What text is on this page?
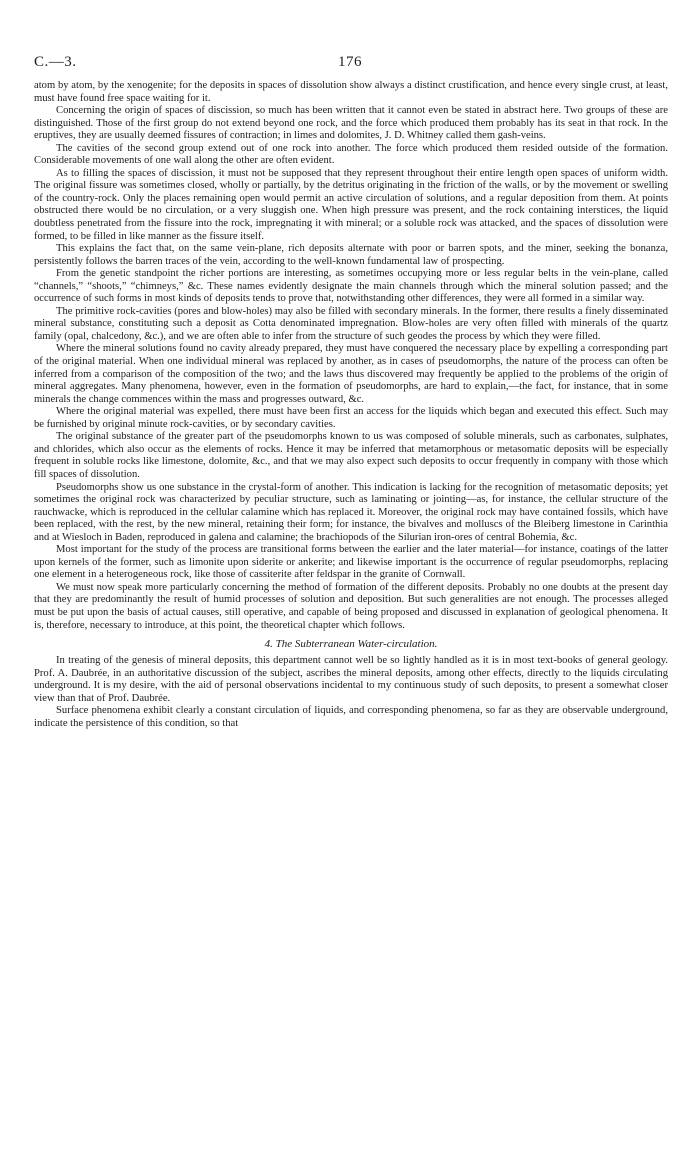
C.—3.	176

atom by atom, by the xenogenite; for the deposits in spaces of dissolution show always a distinct crustification, and hence every single crust, at least, must have found free space waiting for it.

Concerning the origin of spaces of discission, so much has been written that it cannot even be stated in abstract here. Two groups of these are distinguished. Those of the first group do not extend beyond one rock, and the force which produced them probably has its seat in that rock. In the eruptives, they are usually deemed fissures of contraction; in limes and dolomites, J. D. Whitney called them gash-veins.

The cavities of the second group extend out of one rock into another. The force which produced them resided outside of the formation. Considerable movements of one wall along the other are often evident.

As to filling the spaces of discission, it must not be supposed that they represent throughout their entire length open spaces of uniform width. The original fissure was sometimes closed, wholly or partially, by the detritus originating in the friction of the walls, or by the movement or swelling of the country-rock. Only the places remaining open would permit an active circulation of solutions, and a regular deposition from them. At points obstructed there would be no circulation, or a very sluggish one. When high pressure was present, and the rock containing interstices, the liquid doubtless penetrated from the fissure into the rock, impregnating it with mineral; or a soluble rock was attacked, and the spaces of dissolution were formed, to be filled in like manner as the fissure itself.

This explains the fact that, on the same vein-plane, rich deposits alternate with poor or barren spots, and the miner, seeking the bonanza, persistently follows the barren traces of the vein, according to the well-known fundamental law of prospecting.

From the genetic standpoint the richer portions are interesting, as sometimes occupying more or less regular belts in the vein-plane, called “channels,” “shoots,” “chimneys,” &c. These names evidently designate the main channels through which the mineral solution passed; and the occurrence of such forms in most kinds of deposits tends to prove that, notwithstanding other differences, they were all formed in a similar way.

The primitive rock-cavities (pores and blow-holes) may also be filled with secondary minerals. In the former, there results a finely disseminated mineral substance, constituting such a deposit as Cotta denominated impregnation. Blow-holes are very often filled with minerals of the quartz family (opal, chalcedony, &c.), and we are often able to infer from the structure of such geodes the process by which they were filled.

Where the mineral solutions found no cavity already prepared, they must have conquered the necessary place by expelling a corresponding part of the original material. When one individual mineral was replaced by another, as in cases of pseudomorphs, the nature of the process can often be inferred from a comparison of the composition of the two; and the laws thus discovered may frequently be applied to the problems of the origin of mineral aggregates. Many phenomena, however, even in the formation of pseudomorphs, are hard to explain,—the fact, for instance, that in some minerals the change commences within the mass and progresses outward, &c.

Where the original material was expelled, there must have been first an access for the liquids which began and executed this effect. Such may be furnished by original minute rock-cavities, or by secondary cavities.

The original substance of the greater part of the pseudomorphs known to us was composed of soluble minerals, such as carbonates, sulphates, and chlorides, which also occur as the elements of rocks. Hence it may be inferred that metamorphous or metasomatic deposits will be especially frequent in soluble rocks like limestone, dolomite, &c., and that we may also expect such deposits to occur frequently in company with those which fill spaces of dissolution.

Pseudomorphs show us one substance in the crystal-form of another. This indication is lacking for the recognition of metasomatic deposits; yet sometimes the original rock was characterized by peculiar structure, such as laminating or jointing—as, for instance, the cellular structure of the rauchwacke, which is reproduced in the cellular calamine which has replaced it. Moreover, the original rock may have contained fossils, which have been replaced, with the rest, by the new mineral, retaining their form; for instance, the bivalves and molluscs of the Bleiberg limestone in Carinthia and at Wiesloch in Baden, reproduced in galena and calamine; the brachiopods of the Silurian iron-ores of central Bohemia, &c.

Most important for the study of the process are transitional forms between the earlier and the later material—for instance, coatings of the latter upon kernels of the former, such as limonite upon siderite or ankerite; and likewise important is the occurrence of regular pseudomorphs, replacing one element in a heterogeneous rock, like those of cassiterite after feldspar in the granite of Cornwall.

We must now speak more particularly concerning the method of formation of the different deposits. Probably no one doubts at the present day that they are predominantly the result of humid processes of solution and deposition. But such generalities are not enough. The processes alleged must be put upon the basis of actual causes, still operative, and capable of being proposed and discussed in explanation of geological phenomena. It is, therefore, necessary to introduce, at this point, the theoretical chapter which follows.

4. The Subterranean Water-circulation.

In treating of the genesis of mineral deposits, this department cannot well be so lightly handled as it is in most text-books of general geology. Prof. A. Daubrée, in an authoritative discussion of the subject, ascribes the mineral deposits, among other effects, directly to the liquids circulating underground. It is my desire, with the aid of personal observations incidental to my continuous study of such deposits, to present a somewhat closer view than that of Prof. Daubrée.

Surface phenomena exhibit clearly a constant circulation of liquids, and corresponding phenomena, so far as they are observable underground, indicate the persistence of this condition, so that
